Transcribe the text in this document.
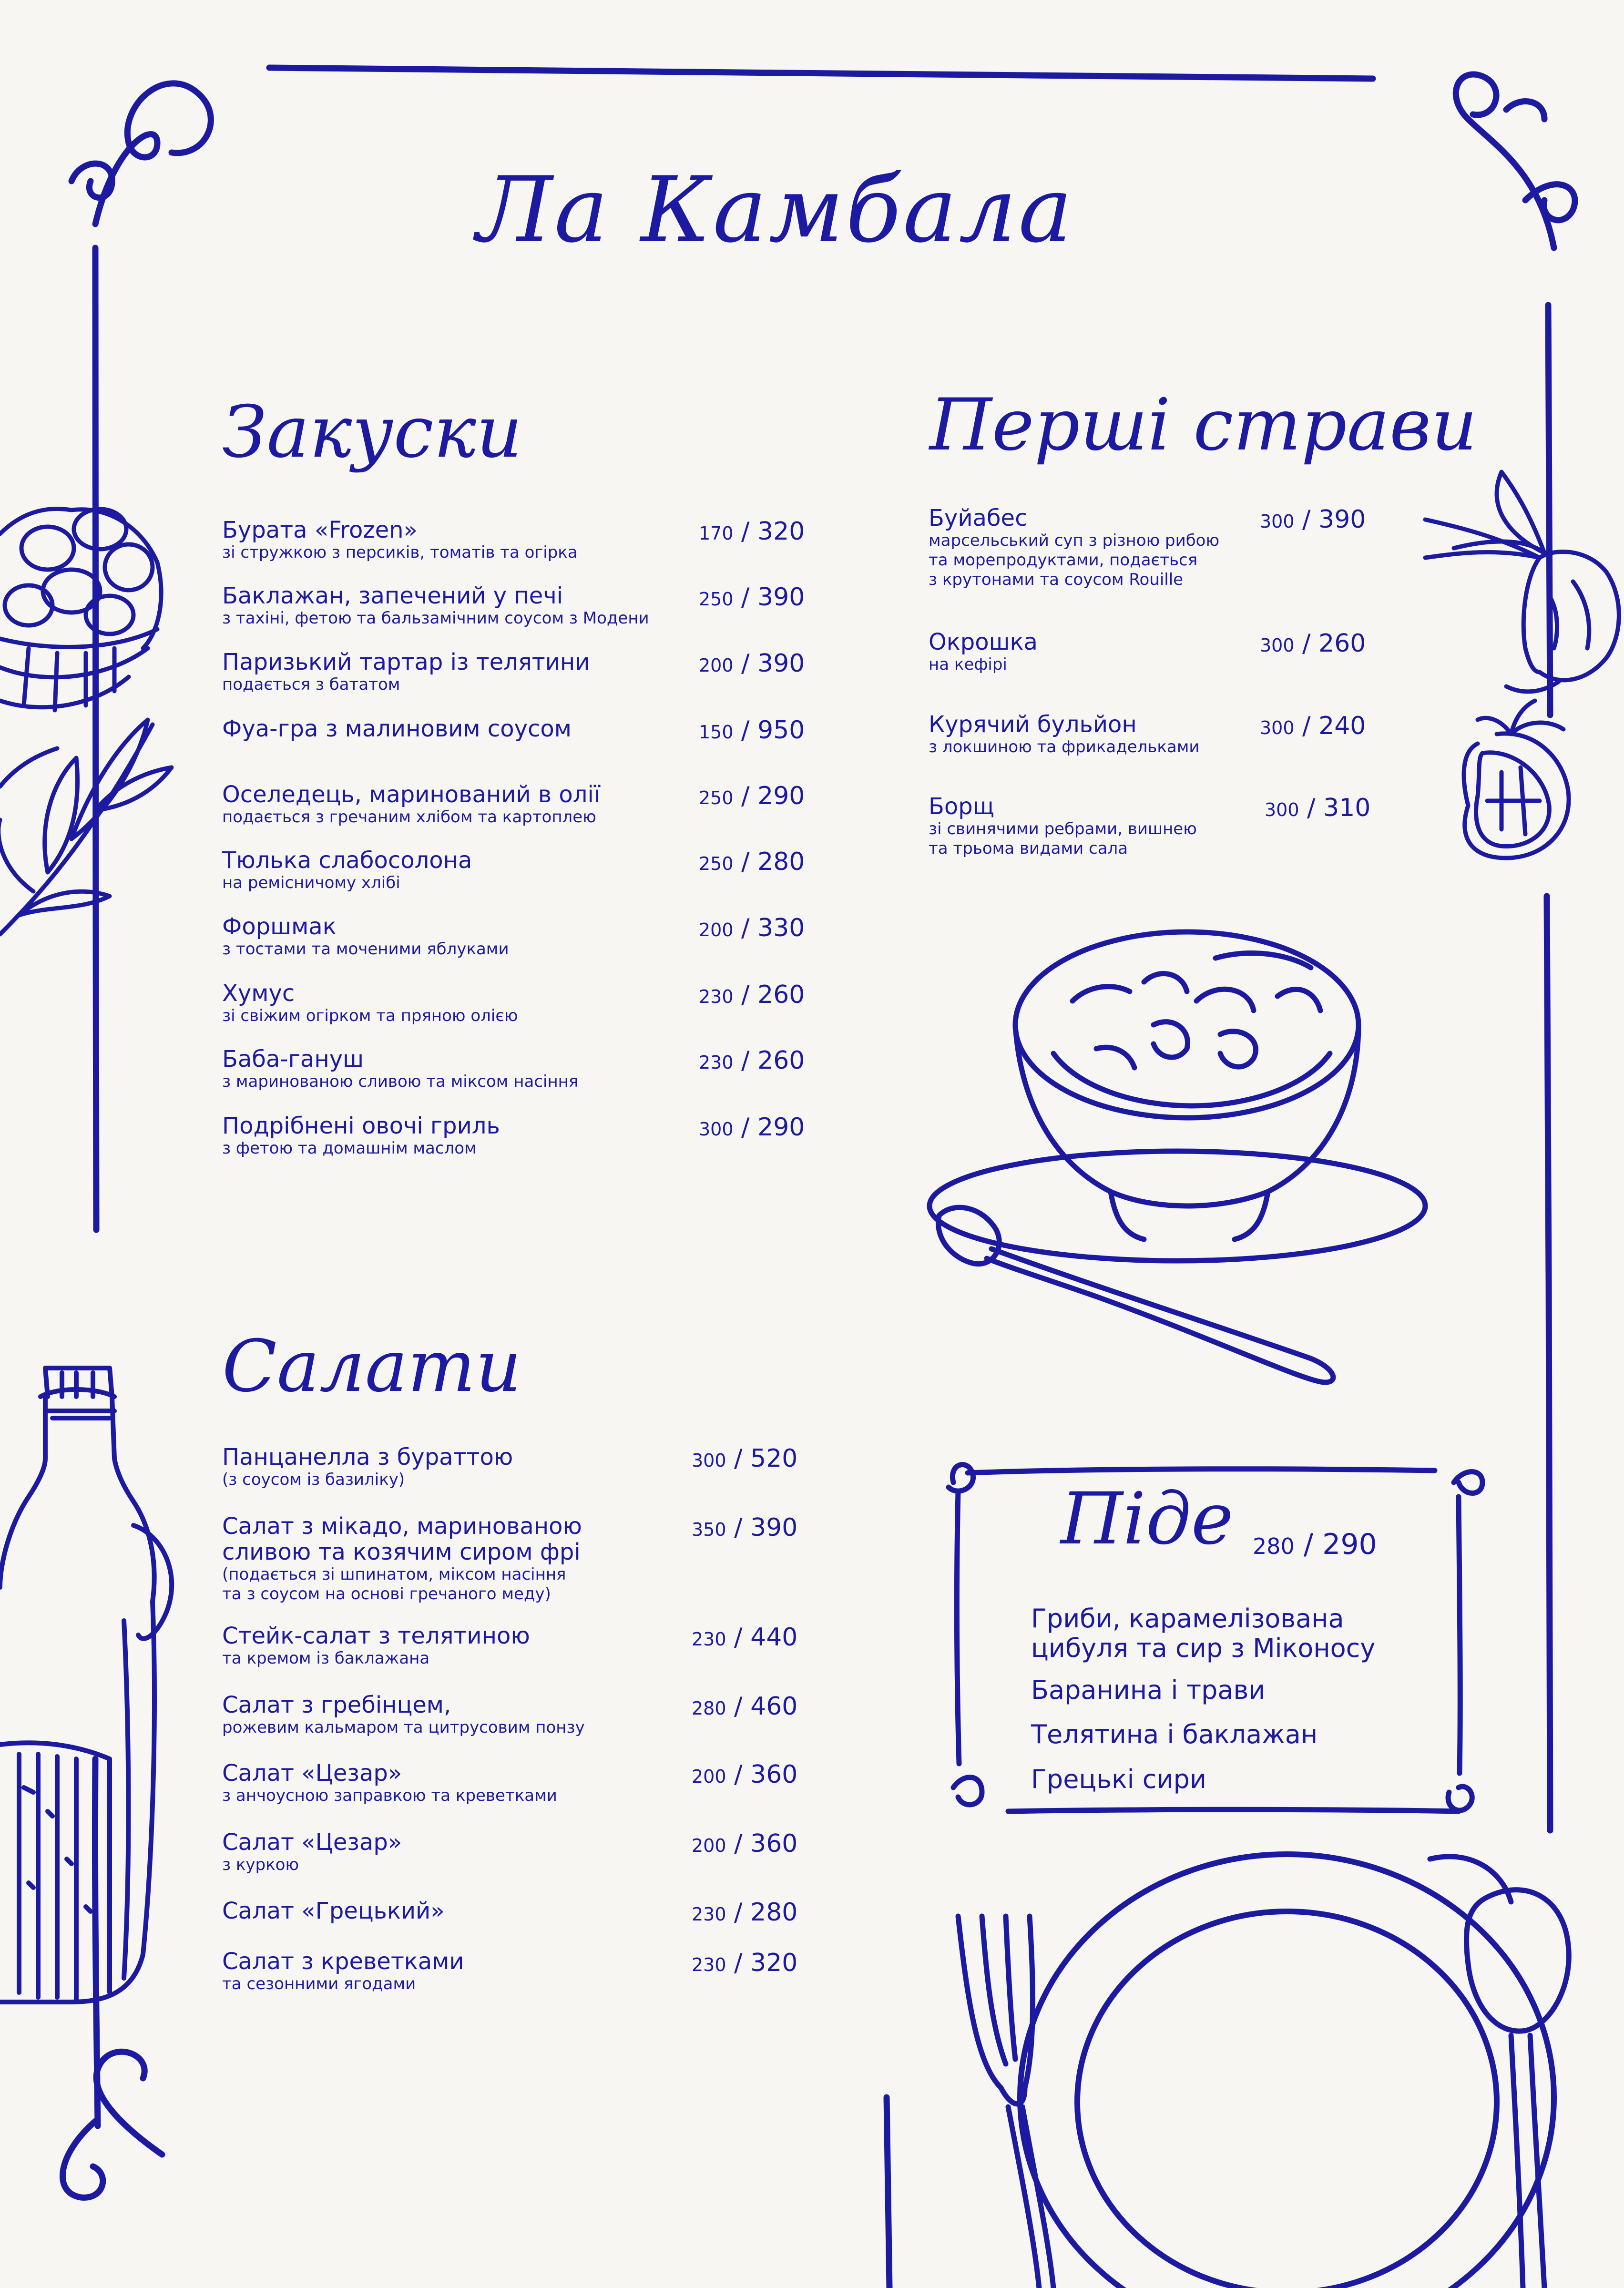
Ла Камбала
Закуски	Перші страви
Салати
Піде
Бурата «Frozen»
зі стружкою з персиків, томатів та огірка
170 / 320
Баклажан, запечений у печі
з тахіні, фетою та бальзамічним соусом з Модени
250 / 390
Паризький тартар із телятини
подається з бататом
200 / 390
Фуа-гра з малиновим соусом	150 / 950
Оселедець, маринований в олії
подається з гречаним хлібом та картоплею
250 / 290
Тюлька слабосолона
на ремісничому хлібі
250 / 280
Форшмак
з тостами та моченими яблуками
200 / 330
Хумус
зі свіжим огірком та пряною олією
230 / 260
Баба-гануш
з маринованою сливою та міксом насіння
230 / 260
Подрібнені овочі гриль
з фетою та домашнім маслом
300 / 290
Буйабес
марсельський суп з різною рибою
та морепродуктами, подається
з крутонами та соусом Rouille
300 / 390
Окрошка
на кефірі
300 / 260
Курячий бульйон
з локшиною та фрикадельками
300 / 240
Борщ
зі свинячими ребрами, вишнею
та трьома видами сала
300 / 310
Панцанелла з бураттою
(з соусом із базиліку)
300 / 520
Салат з мікадо, маринованою
сливою та козячим сиром фрі
(подається зі шпинатом, міксом насіння
та з соусом на основі гречаного меду)
350 / 390
Стейк-салат з телятиною
та кремом із баклажана
230 / 440
Салат з гребінцем,
рожевим кальмаром та цитрусовим понзу
280 / 460
Салат «Цезар»
з анчоусною заправкою та креветками
200 / 360
Салат «Цезар»
з куркою
200 / 360
Салат «Грецький»	230 / 280
Салат з креветками
та сезонними ягодами
230 / 320
280 / 290
Гриби, карамелізована
цибуля та сир з Міконосу
Баранина і трави
Телятина і баклажан
Грецькі сири
